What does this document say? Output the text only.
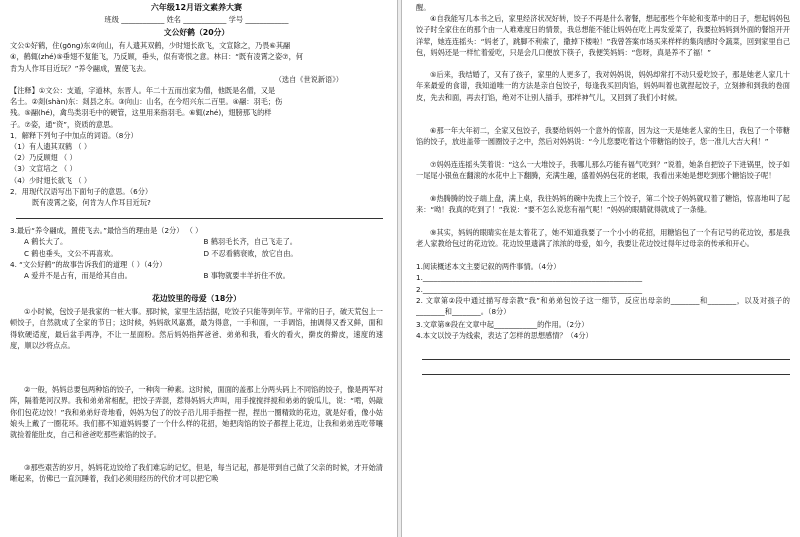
六年级12月语文素养大赛

班级 ____________ 姓名 ____________ 学号 ____________

文公好鹤（20分）

文公①好鹤，住(gōng)东②向山，有人遗其双鹤，少时翅长欲飞，文宣除之，乃畏⑥其翮

④，鹤辄(zhé)⑤垂翅不复能飞，乃反顾，垂头，似有寄恨之意。林曰：“既有凌霄之姿⑦，何

肯为人作耳目近玩？”养令翮成，置使飞去。

（选自《世说新语》）

【注释】①文公：支遁，字道林，东晋人。年二十五而出家为僧，他既是名僧，又是

名士。②剡(shàn)东：剡县之东。③向山：山名，在今绍兴东二百里。④翮：羽毛；伤

残。⑤翮(hé)，禽鸟类羽毛中的硬管，这里用来指羽毛。⑥辄(zhé)，翅膀那飞的样

子。⑦姿，通“资”，资质的意思。

1．解释下列句子中加点的词语。（8分）

（1）有人遗其双鹤 （ ）

（2）乃反顾翅 （ ）

（3）文宣培之 （ ）

（4）少时翅长欲飞 （ ）

2．用现代汉语写出下面句子的意思。（6分）

既有凌霄之姿，何肯为人作耳目近玩?

3.最后“养令翮成，置使飞去。”最恰当的理由是（2分） （ ）

A 鹤长大了。	B 鹤羽毛长齐，自己飞走了。
C 鹤也垂头，文公不再喜欢。	D 不忍看鹤衰败，放它自由。

4. “文公好鹤”的故事告诉我们的道理（ ）（4分）

A 爱并不是占有，而是给其自由。	B 事物就要丰羊折住不放。

花边饺里的母爱（18分）

①小时候，包饺子是我家的一桩大事。那时候，家里生活拮据，吃饺子只能等到年节。平常的日子，破天荒包上一顿饺子，自然就成了全家的节日；这时候，妈妈欲风嘉熹，最为得意，一手和面，一手调馅，抽调得又香又鲜，面和得软硬适度，最后盆手两净，不让一星面粉。然后妈妈指挥爸爸、弟弟和我，看火的看火，擀皮的擀皮，速度的速度，顺以沙将点点。

②一般，妈妈总要包两种馅的饺子，一种肉一种素。这时候，面面的盖那上分两头码上不同馅的饺子，像是两军对阵，隔着楚河汉界。我和弟弟常相配，把饺子弄混，惹得妈妈大声叫，用手搅搅拌搅和弟弟的貌瓜儿，说：“啃，妈敲你们包花边饺！”我和弟弟好奇地看，妈妈为包了的饺子沿儿用手指捏一捏，捏出一圈精致的花边，就是好看，像小姑娘头上戴了一圈花环。我们都不知道妈妈要了一个什么样的花招，她把肉馅的饺子都捏上花边，让我和弟弟连吃带嚷就捡着能肚皮，自己和爸爸吃那些素馅的饺子。

③那些艰苦的岁月，妈妈花边饺给了我们难忘的记忆，但是，每当记起，都是带到自己做了父亲的时候，才开始清晰起来，仿佛已一直沉睡着，我们必须用经历的代价才可以把它唤

醒。

④自我能写几本书之后，家里经济状况好转，饺子不再是什么奢餐，想起那些个年轮和变革中的日子，想起妈妈包饺子时全家住在的那个由一人难难度日的情景，我总想能不能让妈妈在吃上再发爱菜了，我要拉妈妈到外面的餐馆开开洋荤，她连连摇头：“妈老了，跳脚不利索了，撒掉下楼啦！”我曾答案市场买来样样的集肉感时令蔬菜，回到家里自己包，妈妈还是一样忙着爱吃，只是会几口便放下筷子，我便笑妈妈：“您呀，真是养不了福！”

⑤后来，我结婚了，又有了孩子，家里的人更多了，我对妈妈说，妈妈却常打不动只爱吃饺子，那是她老人家几十年来最爱的食谱，我知道唯一的方法是亲自包饺子，每逢我买回肉馅，妈妈叫着也就捏起饺子，立刻掺和到我的卷面皮，先去和面，再去打馅，绝对不让别人插手，那样神气儿，又回到了我们小时候。

⑥那一年大年初二，全家又包饺子，我要给妈妈一个意外的惊喜，因为这一天是她老人家的生日，我包了一个带糖馅的饺子，放进盖带一圆圈饺子之中，然后对妈妈说：“今儿您要吃着这个带糖馅的饺子，您一准儿大吉大利！”

⑦妈妈连连摇头笑着说：“这么一大堆饺子，我哪儿那么巧能有福气吃到？”说着，她条自把饺子下进锅里，饺子如一尾尾小银鱼在翻滚的水花中上下翻腾，充满生趣，盛着妈妈包花的老眼，我看出来她是想吃到那个糖馅饺子呢！

⑧热腾腾的饺子端上盘，满上桌，我往妈妈的碗中先拨上三个饺子，第二个饺子妈妈就叹着了糖馅，惊喜地叫了起来：“呦！我真的吃到了！”我说：“要不怎么说您有福气呢！”妈妈的眼睛就得就成了一条缝。

⑨其实，妈妈的眼睛实在是太着花了，她不知道我要了一个小小的花招，用糖馅包了一个有记号的花边饺，那是我老人家教给包过的花边饺。花边饺里遗满了浓浓的母爱，如今，我要让花边饺过得年过母亲的传承和开心。

1.阅读概述本文主要记叙的两件事情。（4分）

1._____________________________________________________________

2._____________________________________________________________

2. 文章第②段中通过描写母亲教“我”和弟弟包饺子这一细节，反应出母亲的________和________，以及对孩子的________和________。（8分）

3.文章第⑨段在文章中起____________的作用。（2分）

4.本文以饺子为线索，表达了怎样的思想感情？（4分）
